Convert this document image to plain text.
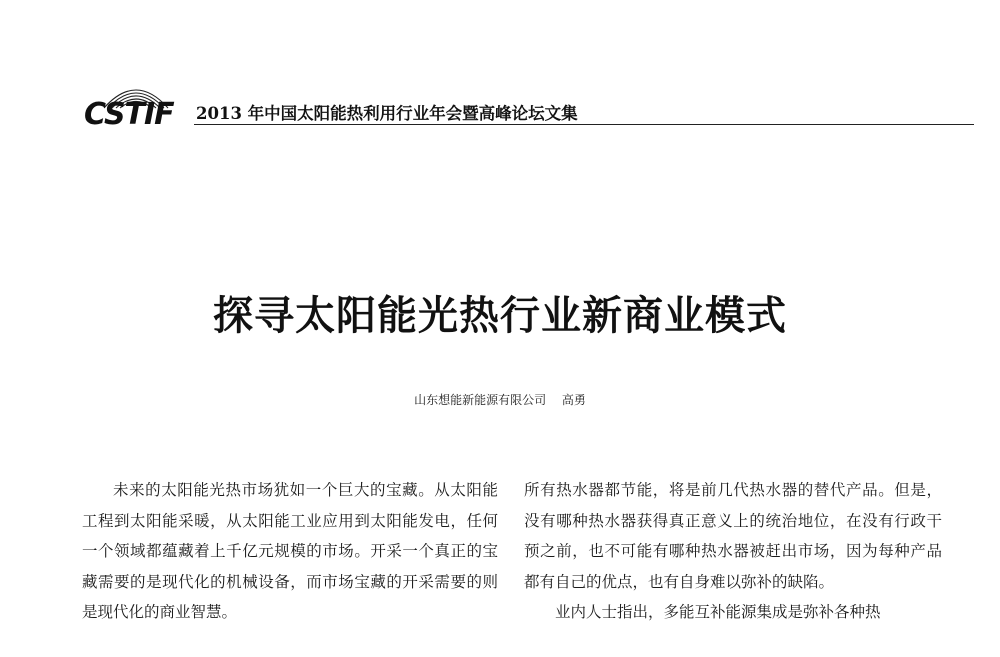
CSTIF 2013 年中国太阳能热利用行业年会暨高峰论坛文集
探寻太阳能光热行业新商业模式
山东想能新能源有限公司　 高勇

未来的太阳能光热市场犹如一个巨大的宝藏。从太阳能工程到太阳能采暖，从太阳能工业应用到太阳能发电，任何一个领域都蕴藏着上千亿元规模的市场。开采一个真正的宝藏需要的是现代化的机械设备，而市场宝藏的开采需要的则是现代化的商业智慧。

所有热水器都节能，将是前几代热水器的替代产品。但是，没有哪种热水器获得真正意义上的统治地位，在没有行政干预之前，也不可能有哪种热水器被赶出市场，因为每种产品都有自己的优点，也有自身难以弥补的缺陷。

业内人士指出，多能互补能源集成是弥补各种热
